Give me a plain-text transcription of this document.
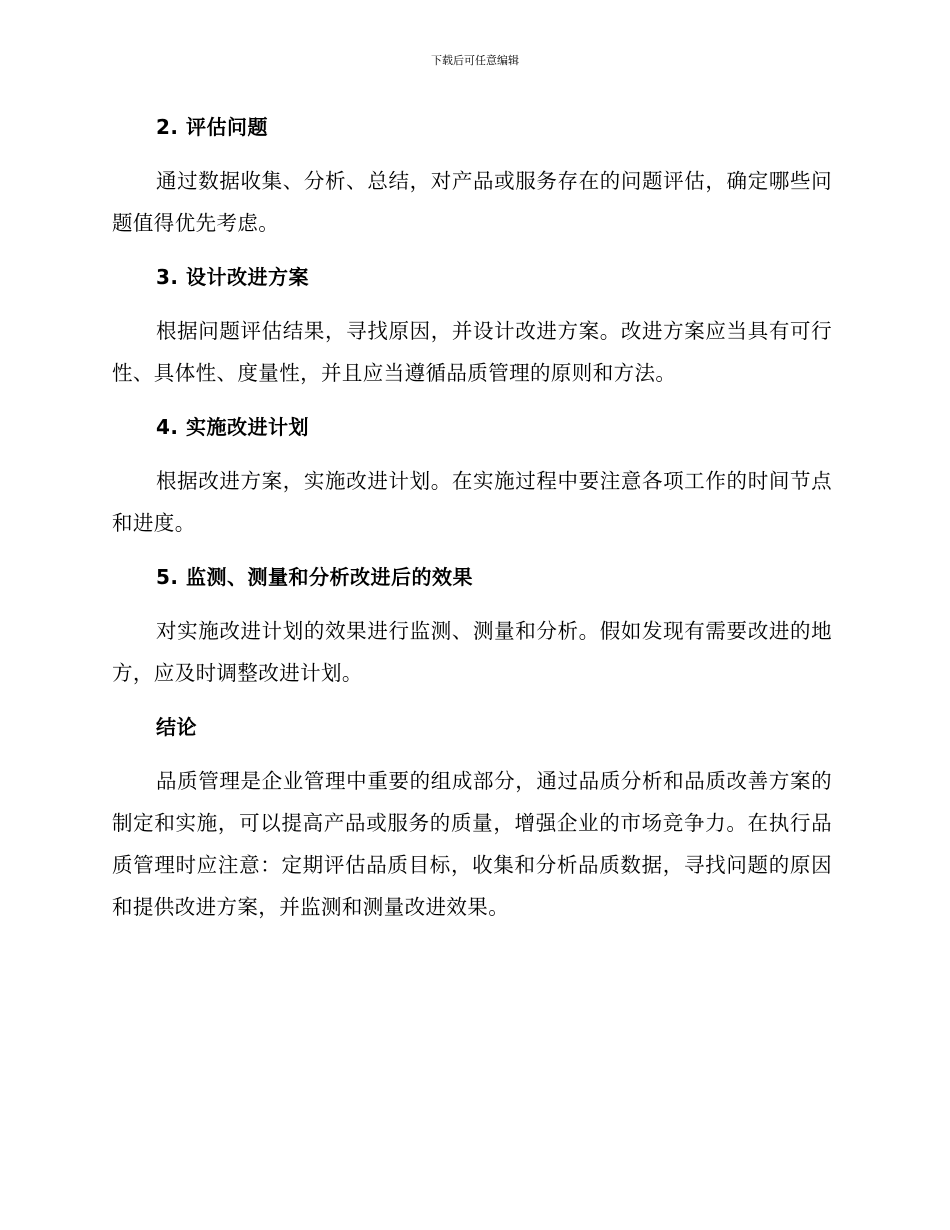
下载后可任意编辑
2. 评估问题

通过数据收集、分析、总结，对产品或服务存在的问题评估，确定哪些问题值得优先考虑。

3. 设计改进方案

根据问题评估结果，寻找原因，并设计改进方案。改进方案应当具有可行性、具体性、度量性，并且应当遵循品质管理的原则和方法。

4. 实施改进计划

根据改进方案，实施改进计划。在实施过程中要注意各项工作的时间节点和进度。

5. 监测、测量和分析改进后的效果

对实施改进计划的效果进行监测、测量和分析。假如发现有需要改进的地方，应及时调整改进计划。

结论

品质管理是企业管理中重要的组成部分，通过品质分析和品质改善方案的制定和实施，可以提高产品或服务的质量，增强企业的市场竞争力。在执行品质管理时应注意：定期评估品质目标，收集和分析品质数据，寻找问题的原因和提供改进方案，并监测和测量改进效果。
